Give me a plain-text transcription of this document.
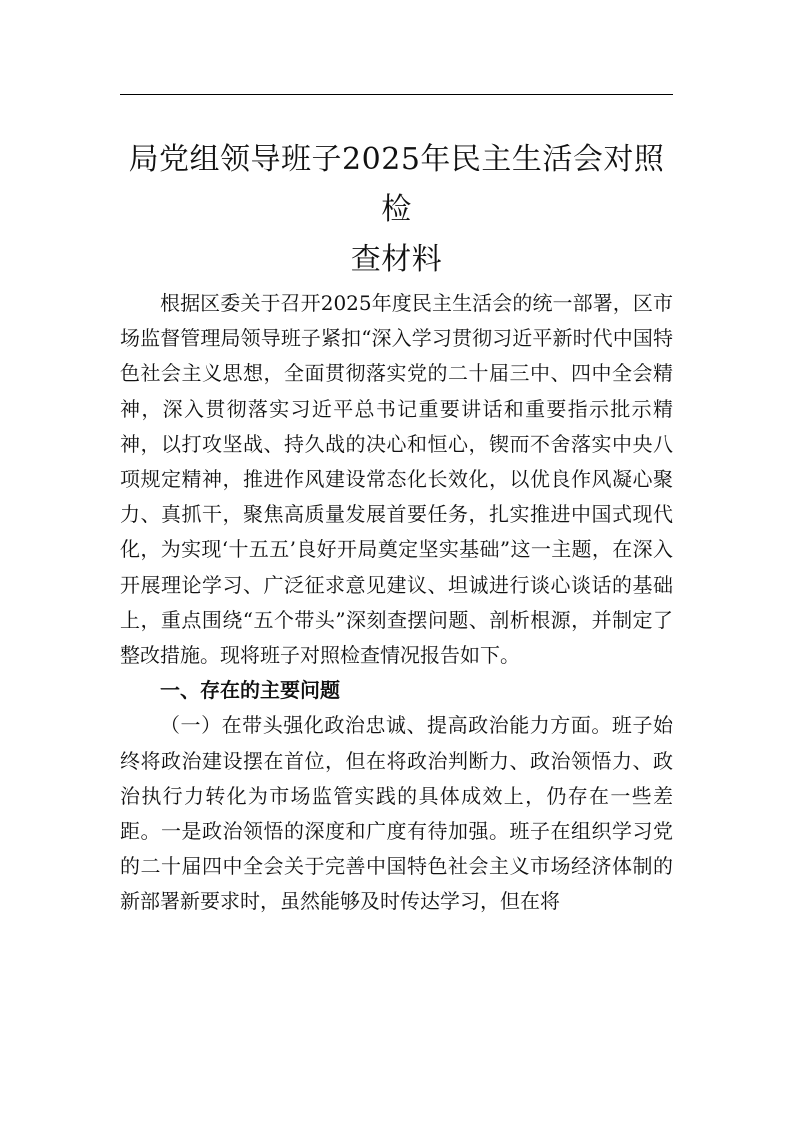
局党组领导班子2025年民主生活会对照检
查材料

根据区委关于召开2025年度民主生活会的统一部署，区市场监督管理局领导班子紧扣“深入学习贯彻习近平新时代中国特色社会主义思想，全面贯彻落实党的二十届三中、四中全会精神，深入贯彻落实习近平总书记重要讲话和重要指示批示精神，以打攻坚战、持久战的决心和恒心，锲而不舍落实中央八项规定精神，推进作风建设常态化长效化，以优良作风凝心聚力、真抓干，聚焦高质量发展首要任务，扎实推进中国式现代化，为实现‘十五五’良好开局奠定坚实基础”这一主题，在深入开展理论学习、广泛征求意见建议、坦诚进行谈心谈话的基础上，重点围绕“五个带头”深刻查摆问题、剖析根源，并制定了整改措施。现将班子对照检查情况报告如下。

一、存在的主要问题

（一）在带头强化政治忠诚、提高政治能力方面。班子始终将政治建设摆在首位，但在将政治判断力、政治领悟力、政治执行力转化为市场监管实践的具体成效上，仍存在一些差距。一是政治领悟的深度和广度有待加强。班子在组织学习党的二十届四中全会关于完善中国特色社会主义市场经济体制的新部署新要求时，虽然能够及时传达学习，但在将
